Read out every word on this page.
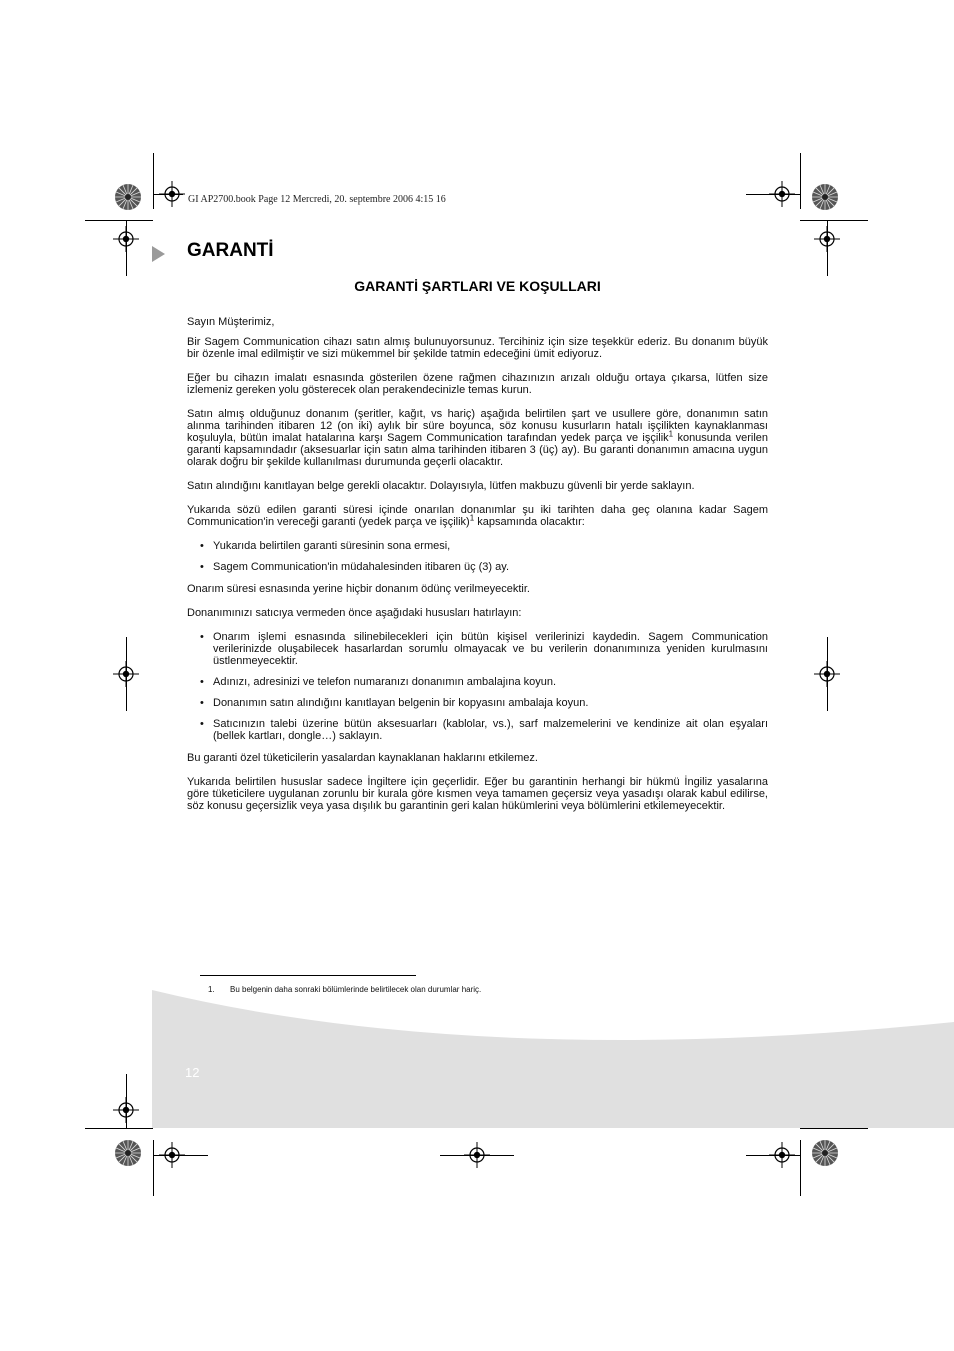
GI AP2700.book Page 12 Mercredi, 20. septembre 2006 4:15 16
GARANTİ
GARANTİ ŞARTLARI VE KOŞULLARI

Sayın Müşterimiz,

Bir Sagem Communication cihazı satın almış bulunuyorsunuz. Tercihiniz için size teşekkür ederiz. Bu donanım büyük bir özenle imal edilmiştir ve sizi mükemmel bir şekilde tatmin edeceğini ümit ediyoruz.

Eğer bu cihazın imalatı esnasında gösterilen özene rağmen cihazınızın arızalı olduğu ortaya çıkarsa, lütfen size izlemeniz gereken yolu gösterecek olan perakendecinizle temas kurun.

Satın almış olduğunuz donanım (şeritler, kağıt, vs hariç) aşağıda belirtilen şart ve usullere göre, donanımın satın alınma tarihinden itibaren 12 (on iki) aylık bir süre boyunca, söz konusu kusurların hatalı işçilikten kaynaklanması koşuluyla, bütün imalat hatalarına karşı Sagem Communication tarafından yedek parça ve işçilik$^1$ konusunda verilen garanti kapsamındadır (aksesuarlar için satın alma tarihinden itibaren 3 (üç) ay). Bu garanti donanımın amacına uygun olarak doğru bir şekilde kullanılması durumunda geçerli olacaktır.

Satın alındığını kanıtlayan belge gerekli olacaktır. Dolayısıyla, lütfen makbuzu güvenli bir yerde saklayın.

Yukarıda sözü edilen garanti süresi içinde onarılan donanımlar şu iki tarihten daha geç olanına kadar Sagem Communication'in vereceği garanti (yedek parça ve işçilik)$^1$ kapsamında olacaktır:

• Yukarıda belirtilen garanti süresinin sona ermesi,
• Sagem Communication'in müdahalesinden itibaren üç (3) ay.

Onarım süresi esnasında yerine hiçbir donanım ödünç verilmeyecektir.

Donanımınızı satıcıya vermeden önce aşağıdaki hususları hatırlayın:

• Onarım işlemi esnasında silinebilecekleri için bütün kişisel verilerinizi kaydedin. Sagem Communication verilerinizde oluşabilecek hasarlardan sorumlu olmayacak ve bu verilerin donanımınıza yeniden kurulmasını üstlenmeyecektir.
• Adınızı, adresinizi ve telefon numaranızı donanımın ambalajına koyun.
• Donanımın satın alındığını kanıtlayan belgenin bir kopyasını ambalaja koyun.
• Satıcınızın talebi üzerine bütün aksesuarları (kablolar, vs.), sarf malzemelerini ve kendinize ait olan eşyaları (bellek kartları, dongle…) saklayın.

Bu garanti özel tüketicilerin yasalardan kaynaklanan haklarını etkilemez.

Yukarıda belirtilen hususlar sadece İngiltere için geçerlidir. Eğer bu garantinin herhangi bir hükmü İngiliz yasalarına göre tüketicilere uygulanan zorunlu bir kurala göre kısmen veya tamamen geçersiz veya yasadışı olarak kabul edilirse, söz konusu geçersizlik veya yasa dışılık bu garantinin geri kalan hükümlerini veya bölümlerini etkilemeyecektir.

1. Bu belgenin daha sonraki bölümlerinde belirtilecek olan durumlar hariç.
12
